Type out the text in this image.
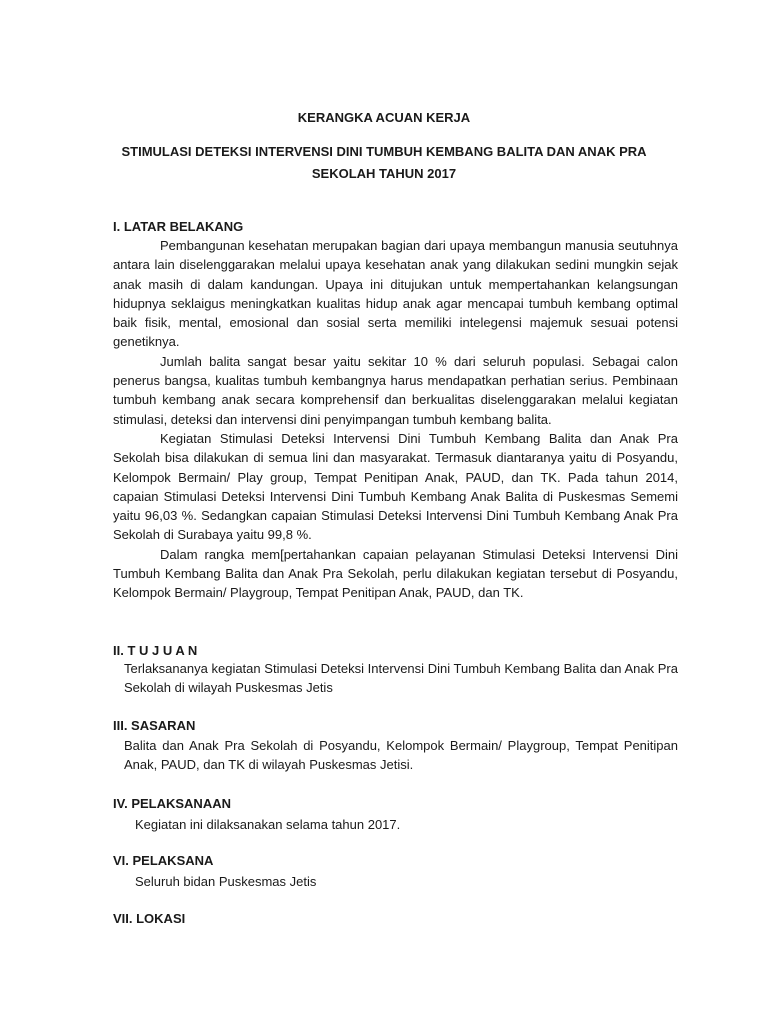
KERANGKA ACUAN KERJA

STIMULASI DETEKSI INTERVENSI DINI TUMBUH KEMBANG BALITA DAN ANAK PRA SEKOLAH TAHUN 2017

I. LATAR BELAKANG

Pembangunan kesehatan merupakan bagian dari upaya membangun manusia seutuhnya antara lain diselenggarakan melalui upaya kesehatan anak yang dilakukan sedini mungkin sejak anak masih di dalam kandungan. Upaya ini ditujukan untuk mempertahankan kelangsungan hidupnya seklaigus meningkatkan kualitas hidup anak agar mencapai tumbuh kembang optimal baik fisik, mental, emosional dan sosial serta memiliki intelegensi majemuk sesuai potensi genetiknya.

Jumlah balita sangat besar yaitu sekitar 10 % dari seluruh populasi. Sebagai calon penerus bangsa, kualitas tumbuh kembangnya harus mendapatkan perhatian serius. Pembinaan tumbuh kembang anak secara komprehensif dan berkualitas diselenggarakan melalui kegiatan stimulasi, deteksi dan intervensi dini penyimpangan tumbuh kembang balita.

Kegiatan Stimulasi Deteksi Intervensi Dini Tumbuh Kembang Balita dan Anak Pra Sekolah bisa dilakukan di semua lini dan masyarakat. Termasuk diantaranya yaitu di Posyandu, Kelompok Bermain/ Play group, Tempat Penitipan Anak, PAUD, dan TK. Pada tahun 2014, capaian Stimulasi Deteksi Intervensi Dini Tumbuh Kembang Anak Balita di Puskesmas Sememi yaitu 96,03 %. Sedangkan capaian Stimulasi Deteksi Intervensi Dini Tumbuh Kembang Anak Pra Sekolah di Surabaya yaitu 99,8 %.

Dalam rangka mem[pertahankan capaian pelayanan Stimulasi Deteksi Intervensi Dini Tumbuh Kembang Balita dan Anak Pra Sekolah, perlu dilakukan kegiatan tersebut di Posyandu, Kelompok Bermain/ Playgroup, Tempat Penitipan Anak, PAUD, dan TK.

II. T U J U A N

Terlaksananya kegiatan Stimulasi Deteksi Intervensi Dini Tumbuh Kembang Balita dan Anak Pra Sekolah di wilayah Puskesmas Jetis

III. SASARAN

Balita dan Anak Pra Sekolah di Posyandu, Kelompok Bermain/ Playgroup, Tempat Penitipan Anak, PAUD, dan TK di wilayah Puskesmas Jetisi.

IV. PELAKSANAAN

Kegiatan ini dilaksanakan selama tahun 2017.

VI. PELAKSANA

Seluruh bidan Puskesmas Jetis

VII. LOKASI
